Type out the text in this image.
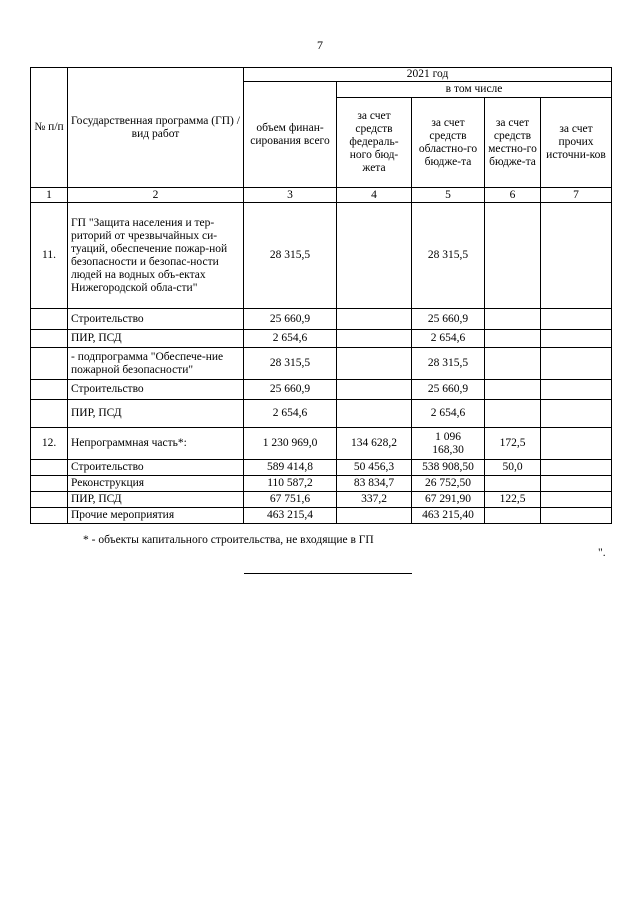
7
№ п/п	Государственная программа (ГП) / вид работ	2021 год				
		объем финан-сирования всего	в том числе			
			за счет средств федераль-ного бюд-жета	за счет средств областно-го бюдже-та	за счет средств местно-го бюдже-та	за счет прочих источни-ков
1	2	3	4	5	6	7
11.	ГП "Защита населения и тер-риторий от чрезвычайных си-туаций, обеспечение пожар-ной безопасности и безопас-ности людей на водных объ-ектах Нижегородской обла-сти"	28 315,5		28 315,5		
	Строительство	25 660,9		25 660,9		
	ПИР, ПСД	2 654,6		2 654,6		
	- подпрограмма "Обеспече-ние пожарной безопасности"	28 315,5		28 315,5		
	Строительство	25 660,9		25 660,9		
	ПИР, ПСД	2 654,6		2 654,6		
12.	Непрограммная часть*:	1 230 969,0	134 628,2	1 096 168,30	172,5	
	Строительство	589 414,8	50 456,3	538 908,50	50,0	
	Реконструкция	110 587,2	83 834,7	26 752,50		
	ПИР, ПСД	67 751,6	337,2	67 291,90	122,5	
	Прочие мероприятия	463 215,4		463 215,40		
* - объекты капитального строительства, не входящие в ГП
".
